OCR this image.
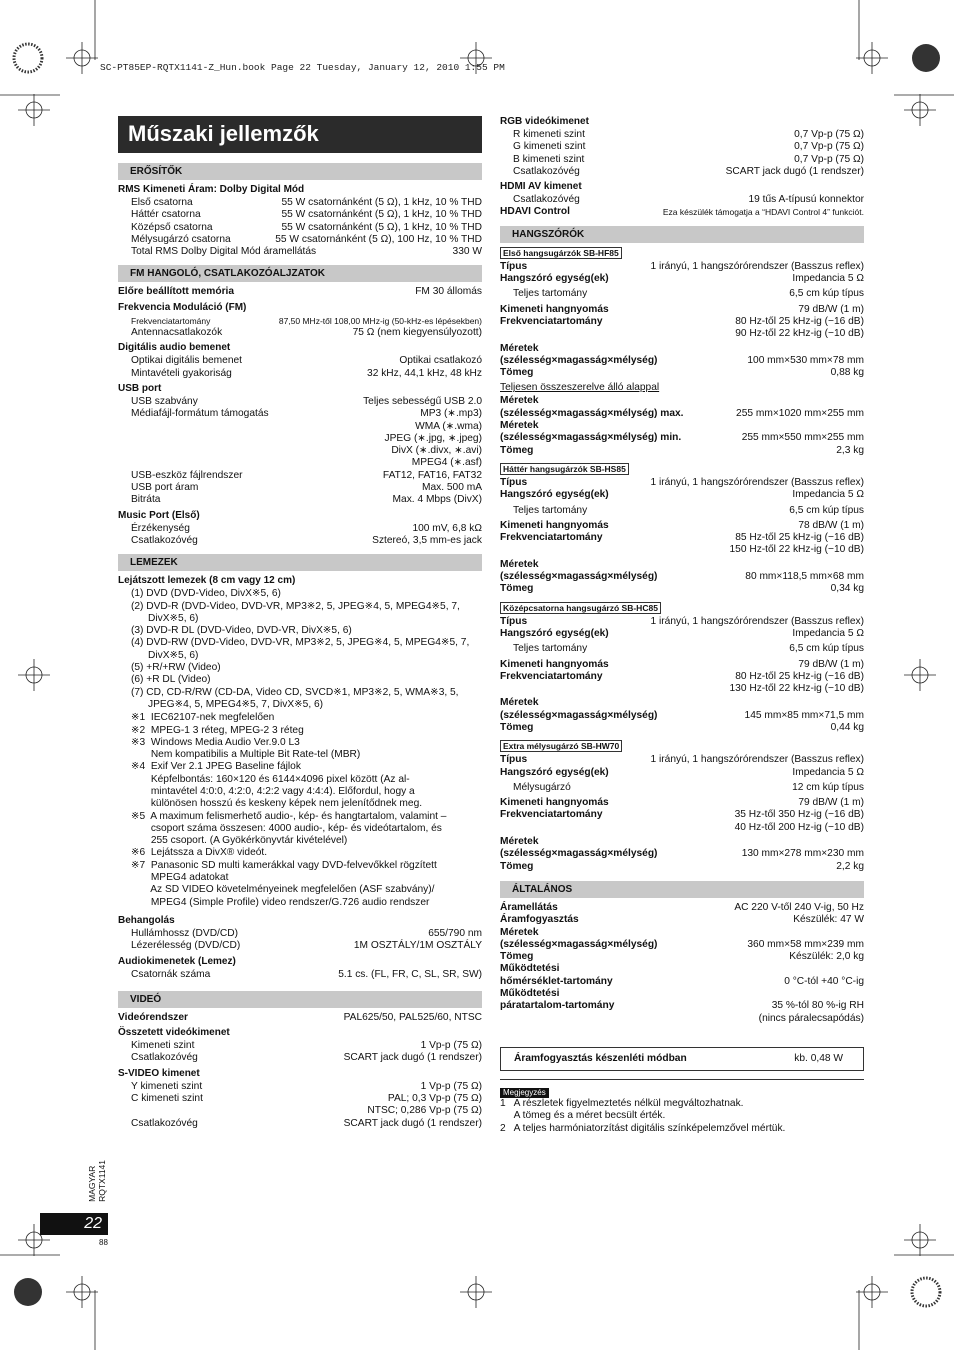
SC-PT85EP-RQTX1141-Z_Hun.book Page 22 Tuesday, January 12, 2010 1:55 PM
Műszaki jellemzők
ERŐSÍTŐK
RMS Kimeneti Áram: Dolby Digital Mód
Első csatorna	55 W csatornánként (5 Ω), 1 kHz, 10 % THD
Háttér csatorna	55 W csatornánként (5 Ω), 1 kHz, 10 % THD
Középső csatorna	55 W csatornánként (5 Ω), 1 kHz, 10 % THD
Mélysugárzó csatorna	55 W csatornánként (5 Ω), 100 Hz, 10 % THD
Total RMS Dolby Digital Mód áramellátás	330 W
FM HANGOLÓ, CSATLAKOZÓALJZATOK
Előre beállított memória	FM 30 állomás
Frekvencia Moduláció (FM)
Frekvenciatartomány	87,50 MHz-től 108,00 MHz-ig (50-kHz-es lépésekben)
Antennacsatlakozók	75 Ω (nem kiegyensúlyozott)
Digitális audio bemenet
Optikai digitális bemenet	Optikai csatlakozó
Mintavételi gyakoriság	32 kHz, 44,1 kHz, 48 kHz
USB port
USB szabvány	Teljes sebességű USB 2.0
Médiafájl-formátum támogatás	MP3 (∗.mp3)
WMA (∗.wma)
JPEG (∗.jpg, ∗.jpeg)
DivX (∗.divx, ∗.avi)
MPEG4 (∗.asf)
USB-eszköz fájlrendszer	FAT12, FAT16, FAT32
USB port áram	Max. 500 mA
Bitráta	Max. 4 Mbps (DivX)
Music Port (Első)
Érzékenység	100 mV, 6,8 kΩ
Csatlakozóvég	Sztereó, 3,5 mm-es jack
LEMEZEK
Lejátszott lemezek (8 cm vagy 12 cm)
(1) DVD (DVD-Video, DivX※5, 6)
(2) DVD-R (DVD-Video, DVD-VR, MP3※2, 5, JPEG※4, 5, MPEG4※5, 7,
DivX※5, 6)
(3) DVD-R DL (DVD-Video, DVD-VR, DivX※5, 6)
(4) DVD-RW (DVD-Video, DVD-VR, MP3※2, 5, JPEG※4, 5, MPEG4※5, 7,
DivX※5, 6)
(5) +R/+RW (Video)
(6) +R DL (Video)
(7) CD, CD-R/RW (CD-DA, Video CD, SVCD※1, MP3※2, 5, WMA※3, 5,
JPEG※4, 5, MPEG4※5, 7, DivX※5, 6)
※1  IEC62107-nek megfelelően
※2  MPEG-1 3 réteg, MPEG-2 3 réteg
※3  Windows Media Audio Ver.9.0 L3
Nem kompatibilis a Multiple Bit Rate-tel (MBR)
※4  Exif Ver 2.1 JPEG Baseline fájlok
Képfelbontás: 160×120 és 6144×4096 pixel között (Az al-
mintavétel 4:0:0, 4:2:0, 4:2:2 vagy 4:4:4). Előfordul, hogy a
különösen hosszú és keskeny képek nem jelenítődnek meg.
※5  A maximum felismerhető audio-, kép- és hangtartalom, valamint –
csoport száma összesen: 4000 audio-, kép- és videótartalom, és
255 csoport. (A Gyökérkönyvtár kivételével)
※6  Lejátssza a DivX® videót.
※7  Panasonic SD multi kamerákkal vagy DVD-felvevőkkel rögzített
MPEG4 adatokat
Az SD VIDEO követelményeinek megfelelően (ASF szabvány)/
MPEG4 (Simple Profile) video rendszer/G.726 audio rendszer
Behangolás
Hullámhossz (DVD/CD)	655/790 nm
Lézerélesség (DVD/CD)	1M OSZTÁLY/1M OSZTÁLY
Audiokimenetek (Lemez)
Csatornák száma	5.1 cs. (FL, FR, C, SL, SR, SW)
VIDEÓ
Videórendszer	PAL625/50, PAL525/60, NTSC
Összetett videókimenet
Kimeneti szint	1 Vp-p (75 Ω)
Csatlakozóvég	SCART jack dugó (1 rendszer)
S-VIDEO kimenet
Y kimeneti szint	1 Vp-p (75 Ω)
C kimeneti szint	PAL; 0,3 Vp-p (75 Ω)
NTSC; 0,286 Vp-p (75 Ω)
Csatlakozóvég	SCART jack dugó (1 rendszer)
RGB videókimenet
R kimeneti szint	0,7 Vp-p (75 Ω)
G kimeneti szint	0,7 Vp-p (75 Ω)
B kimeneti szint	0,7 Vp-p (75 Ω)
Csatlakozóvég	SCART jack dugó (1 rendszer)
HDMI AV kimenet
Csatlakozóvég	19 tűs A-típusú konnektor
HDAVI Control	Eza készülék támogatja a “HDAVI Control 4” funkciót.
HANGSZÓRÓK
Első hangsugárzók SB-HF85
Típus	1 irányú, 1 hangszórórendszer (Basszus reflex)
Hangszóró egység(ek)	Impedancia 5 Ω
Teljes tartomány	6,5 cm kúp típus
Kimeneti hangnyomás	79 dB/W (1 m)
Frekvenciatartomány	80 Hz-től 25 kHz-ig (−16 dB)
90 Hz-től 22 kHz-ig (−10 dB)
Méretek
(szélesség×magasság×mélység)	100 mm×530 mm×78 mm
Tömeg	0,88 kg
Teljesen összeszerelve álló alappal
Méretek
(szélesség×magasság×mélység) max.	255 mm×1020 mm×255 mm
Méretek
(szélesség×magasság×mélység) min.	255 mm×550 mm×255 mm
Tömeg	2,3 kg
Háttér hangsugárzók SB-HS85
Típus	1 irányú, 1 hangszórórendszer (Basszus reflex)
Hangszóró egység(ek)	Impedancia 5 Ω
Teljes tartomány	6,5 cm kúp típus
Kimeneti hangnyomás	78 dB/W (1 m)
Frekvenciatartomány	85 Hz-től 25 kHz-ig (−16 dB)
150 Hz-től 22 kHz-ig (−10 dB)
Méretek
(szélesség×magasság×mélység)	80 mm×118,5 mm×68 mm
Tömeg	0,34 kg
Középcsatorna hangsugárzó SB-HC85
Típus	1 irányú, 1 hangszórórendszer (Basszus reflex)
Hangszóró egység(ek)	Impedancia 5 Ω
Teljes tartomány	6,5 cm kúp típus
Kimeneti hangnyomás	79 dB/W (1 m)
Frekvenciatartomány	80 Hz-től 25 kHz-ig (−16 dB)
130 Hz-től 22 kHz-ig (−10 dB)
Méretek
(szélesség×magasság×mélység)	145 mm×85 mm×71,5 mm
Tömeg	0,44 kg
Extra mélysugárzó SB-HW70
Típus	1 irányú, 1 hangszórórendszer (Basszus reflex)
Hangszóró egység(ek)	Impedancia 5 Ω
Mélysugárzó	12 cm kúp típus
Kimeneti hangnyomás	79 dB/W (1 m)
Frekvenciatartomány	35 Hz-től 350 Hz-ig (−16 dB)
40 Hz-től 200 Hz-ig (−10 dB)
Méretek
(szélesség×magasság×mélység)	130 mm×278 mm×230 mm
Tömeg	2,2 kg
ÁLTALÁNOS
Áramellátás	AC 220 V-től 240 V-ig, 50 Hz
Áramfogyasztás	Készülék: 47 W
Méretek
(szélesség×magasság×mélység)	360 mm×58 mm×239 mm
Tömeg	Készülék: 2,0 kg
Működtetési
hőmérséklet-tartomány	0 °C-tól +40 °C-ig
Működtetési
páratartalom-tartomány	35 %-tól 80 %-ig RH
(nincs páralecsapódás)
Áramfogyasztás készenléti módban	kb. 0,48 W
Megjegyzés
1   A részletek figyelmeztetés nélkül megváltozhatnak.
A tömeg és a méret becsült érték.
2   A teljes harmóniatorzítást digitális színképelemzővel mértük.
MAGYAR RQTX1141
22
88
